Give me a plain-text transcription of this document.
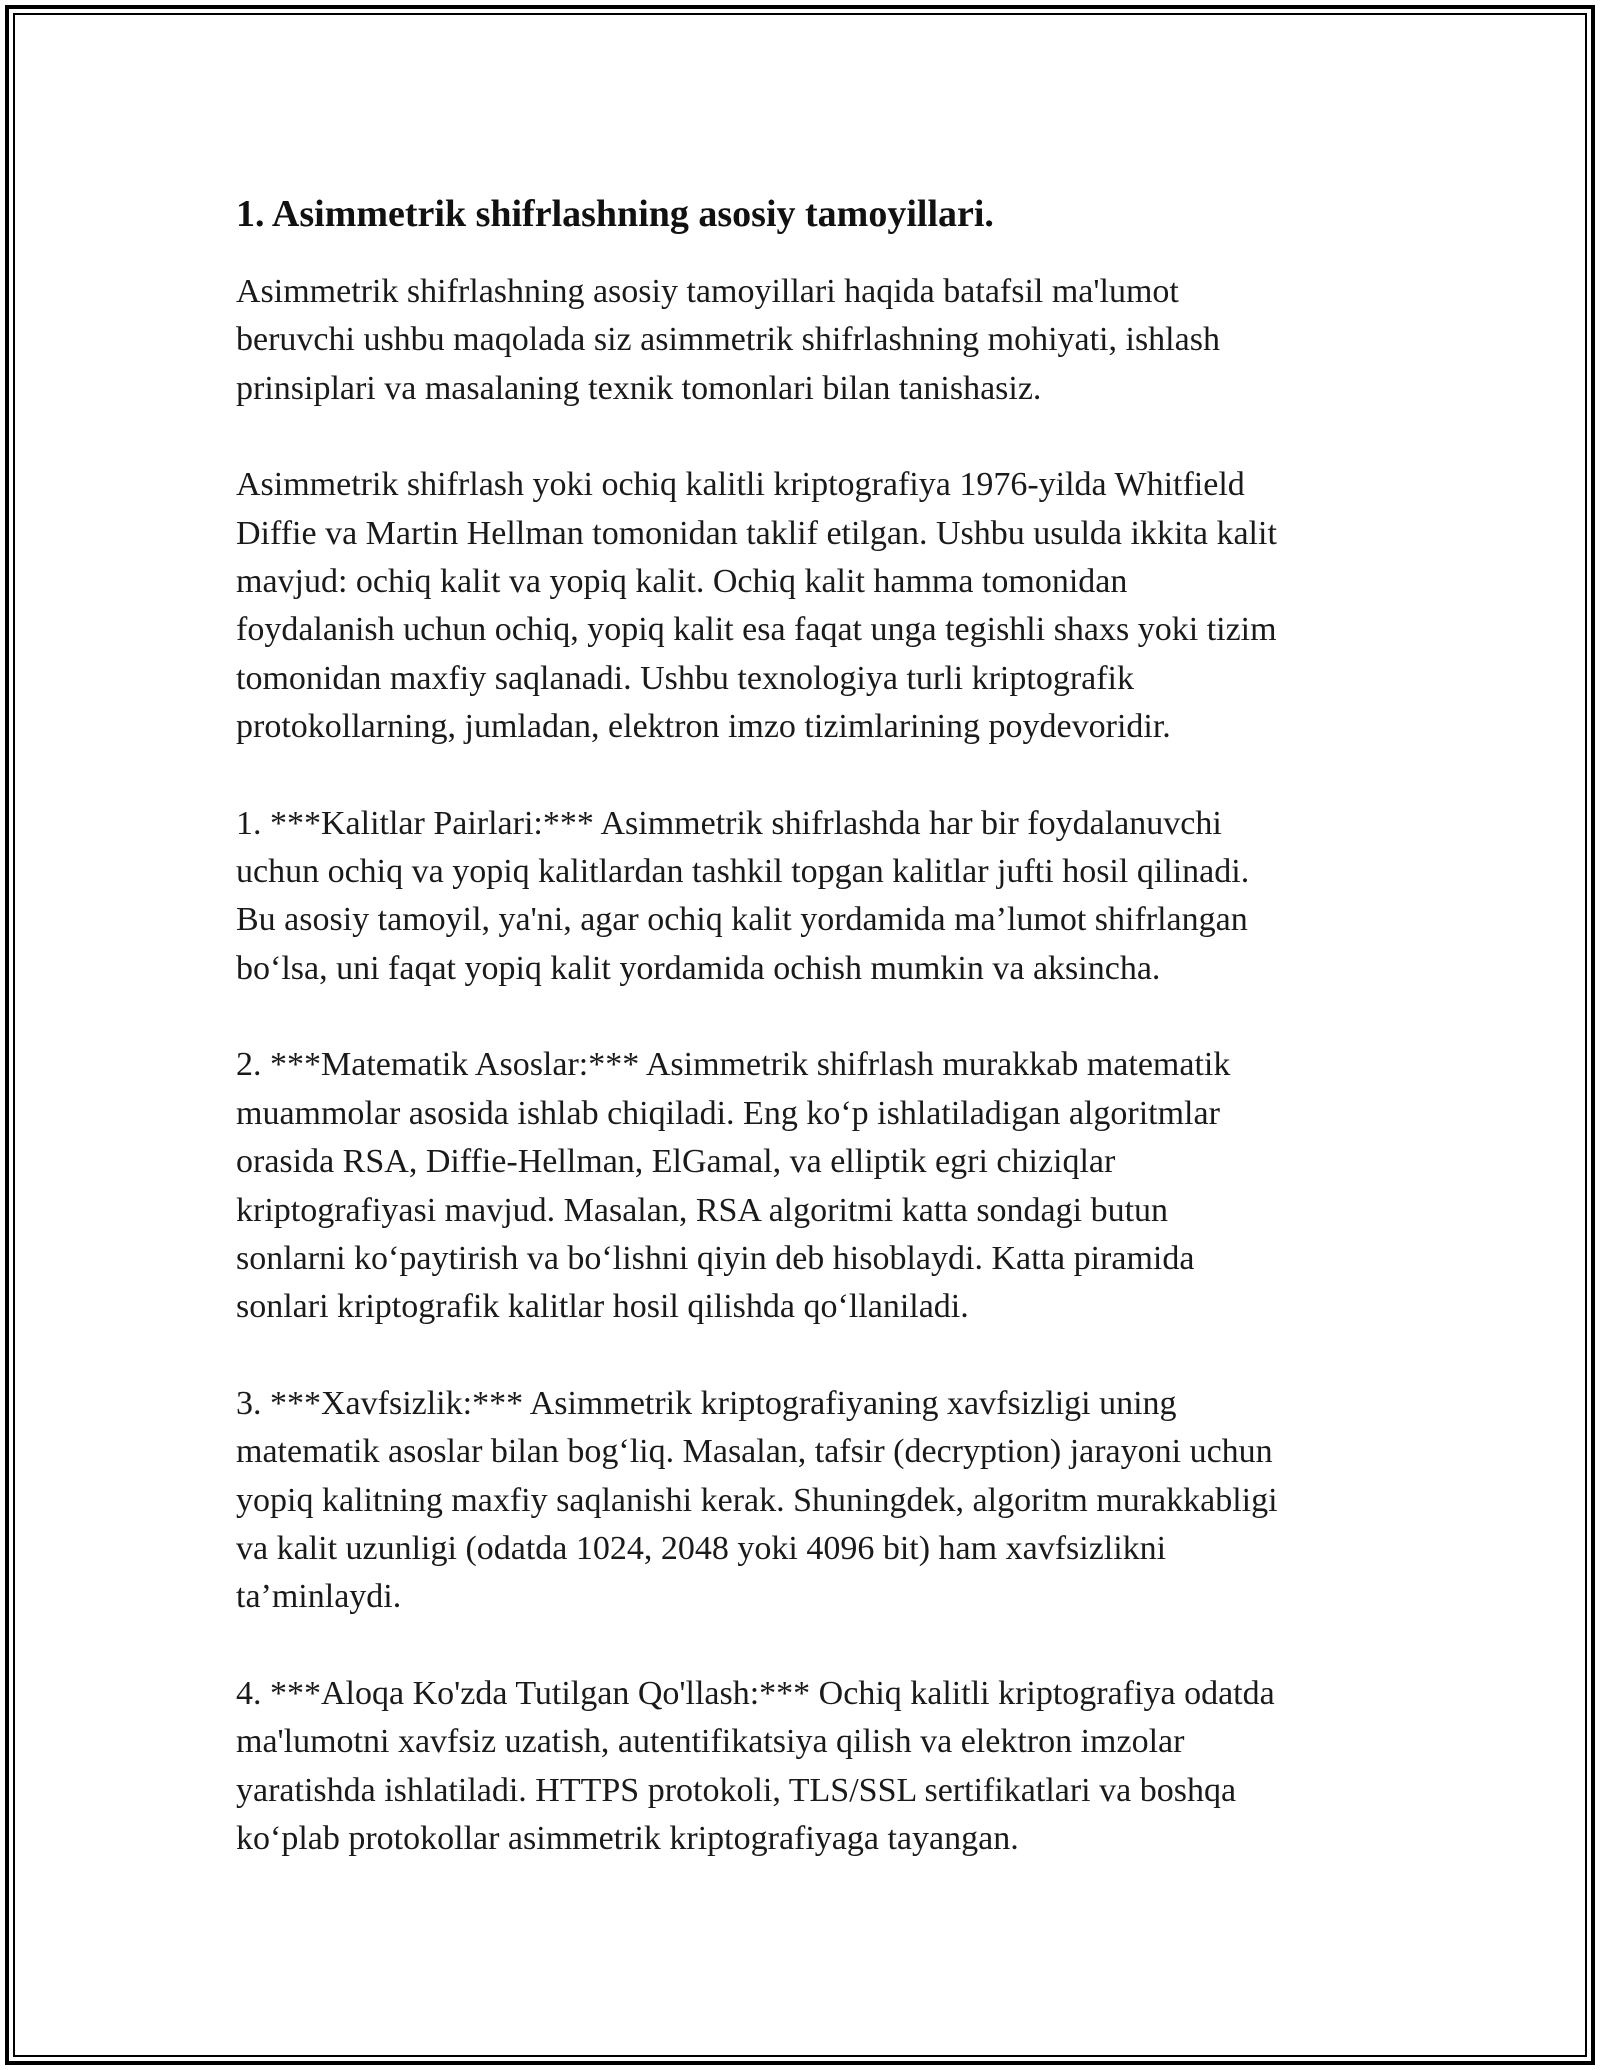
1. Asimmetrik shifrlashning asosiy tamoyillari.

Asimmetrik shifrlashning asosiy tamoyillari haqida batafsil ma'lumot
beruvchi ushbu maqolada siz asimmetrik shifrlashning mohiyati, ishlash
prinsiplari va masalaning texnik tomonlari bilan tanishasiz.

Asimmetrik shifrlash yoki ochiq kalitli kriptografiya 1976-yilda Whitfield
Diffie va Martin Hellman tomonidan taklif etilgan. Ushbu usulda ikkita kalit
mavjud: ochiq kalit va yopiq kalit. Ochiq kalit hamma tomonidan
foydalanish uchun ochiq, yopiq kalit esa faqat unga tegishli shaxs yoki tizim
tomonidan maxfiy saqlanadi. Ushbu texnologiya turli kriptografik
protokollarning, jumladan, elektron imzo tizimlarining poydevoridir.

1. ***Kalitlar Pairlari:*** Asimmetrik shifrlashda har bir foydalanuvchi
uchun ochiq va yopiq kalitlardan tashkil topgan kalitlar jufti hosil qilinadi.
Bu asosiy tamoyil, ya'ni, agar ochiq kalit yordamida ma’lumot shifrlangan
bo‘lsa, uni faqat yopiq kalit yordamida ochish mumkin va aksincha.

2. ***Matematik Asoslar:*** Asimmetrik shifrlash murakkab matematik
muammolar asosida ishlab chiqiladi. Eng ko‘p ishlatiladigan algoritmlar
orasida RSA, Diffie-Hellman, ElGamal, va elliptik egri chiziqlar
kriptografiyasi mavjud. Masalan, RSA algoritmi katta sondagi butun
sonlarni ko‘paytirish va bo‘lishni qiyin deb hisoblaydi. Katta piramida
sonlari kriptografik kalitlar hosil qilishda qo‘llaniladi.

3. ***Xavfsizlik:*** Asimmetrik kriptografiyaning xavfsizligi uning
matematik asoslar bilan bog‘liq. Masalan, tafsir (decryption) jarayoni uchun
yopiq kalitning maxfiy saqlanishi kerak. Shuningdek, algoritm murakkabligi
va kalit uzunligi (odatda 1024, 2048 yoki 4096 bit) ham xavfsizlikni
ta’minlaydi.

4. ***Aloqa Ko'zda Tutilgan Qo'llash:*** Ochiq kalitli kriptografiya odatda
ma'lumotni xavfsiz uzatish, autentifikatsiya qilish va elektron imzolar
yaratishda ishlatiladi. HTTPS protokoli, TLS/SSL sertifikatlari va boshqa
ko‘plab protokollar asimmetrik kriptografiyaga tayangan.
